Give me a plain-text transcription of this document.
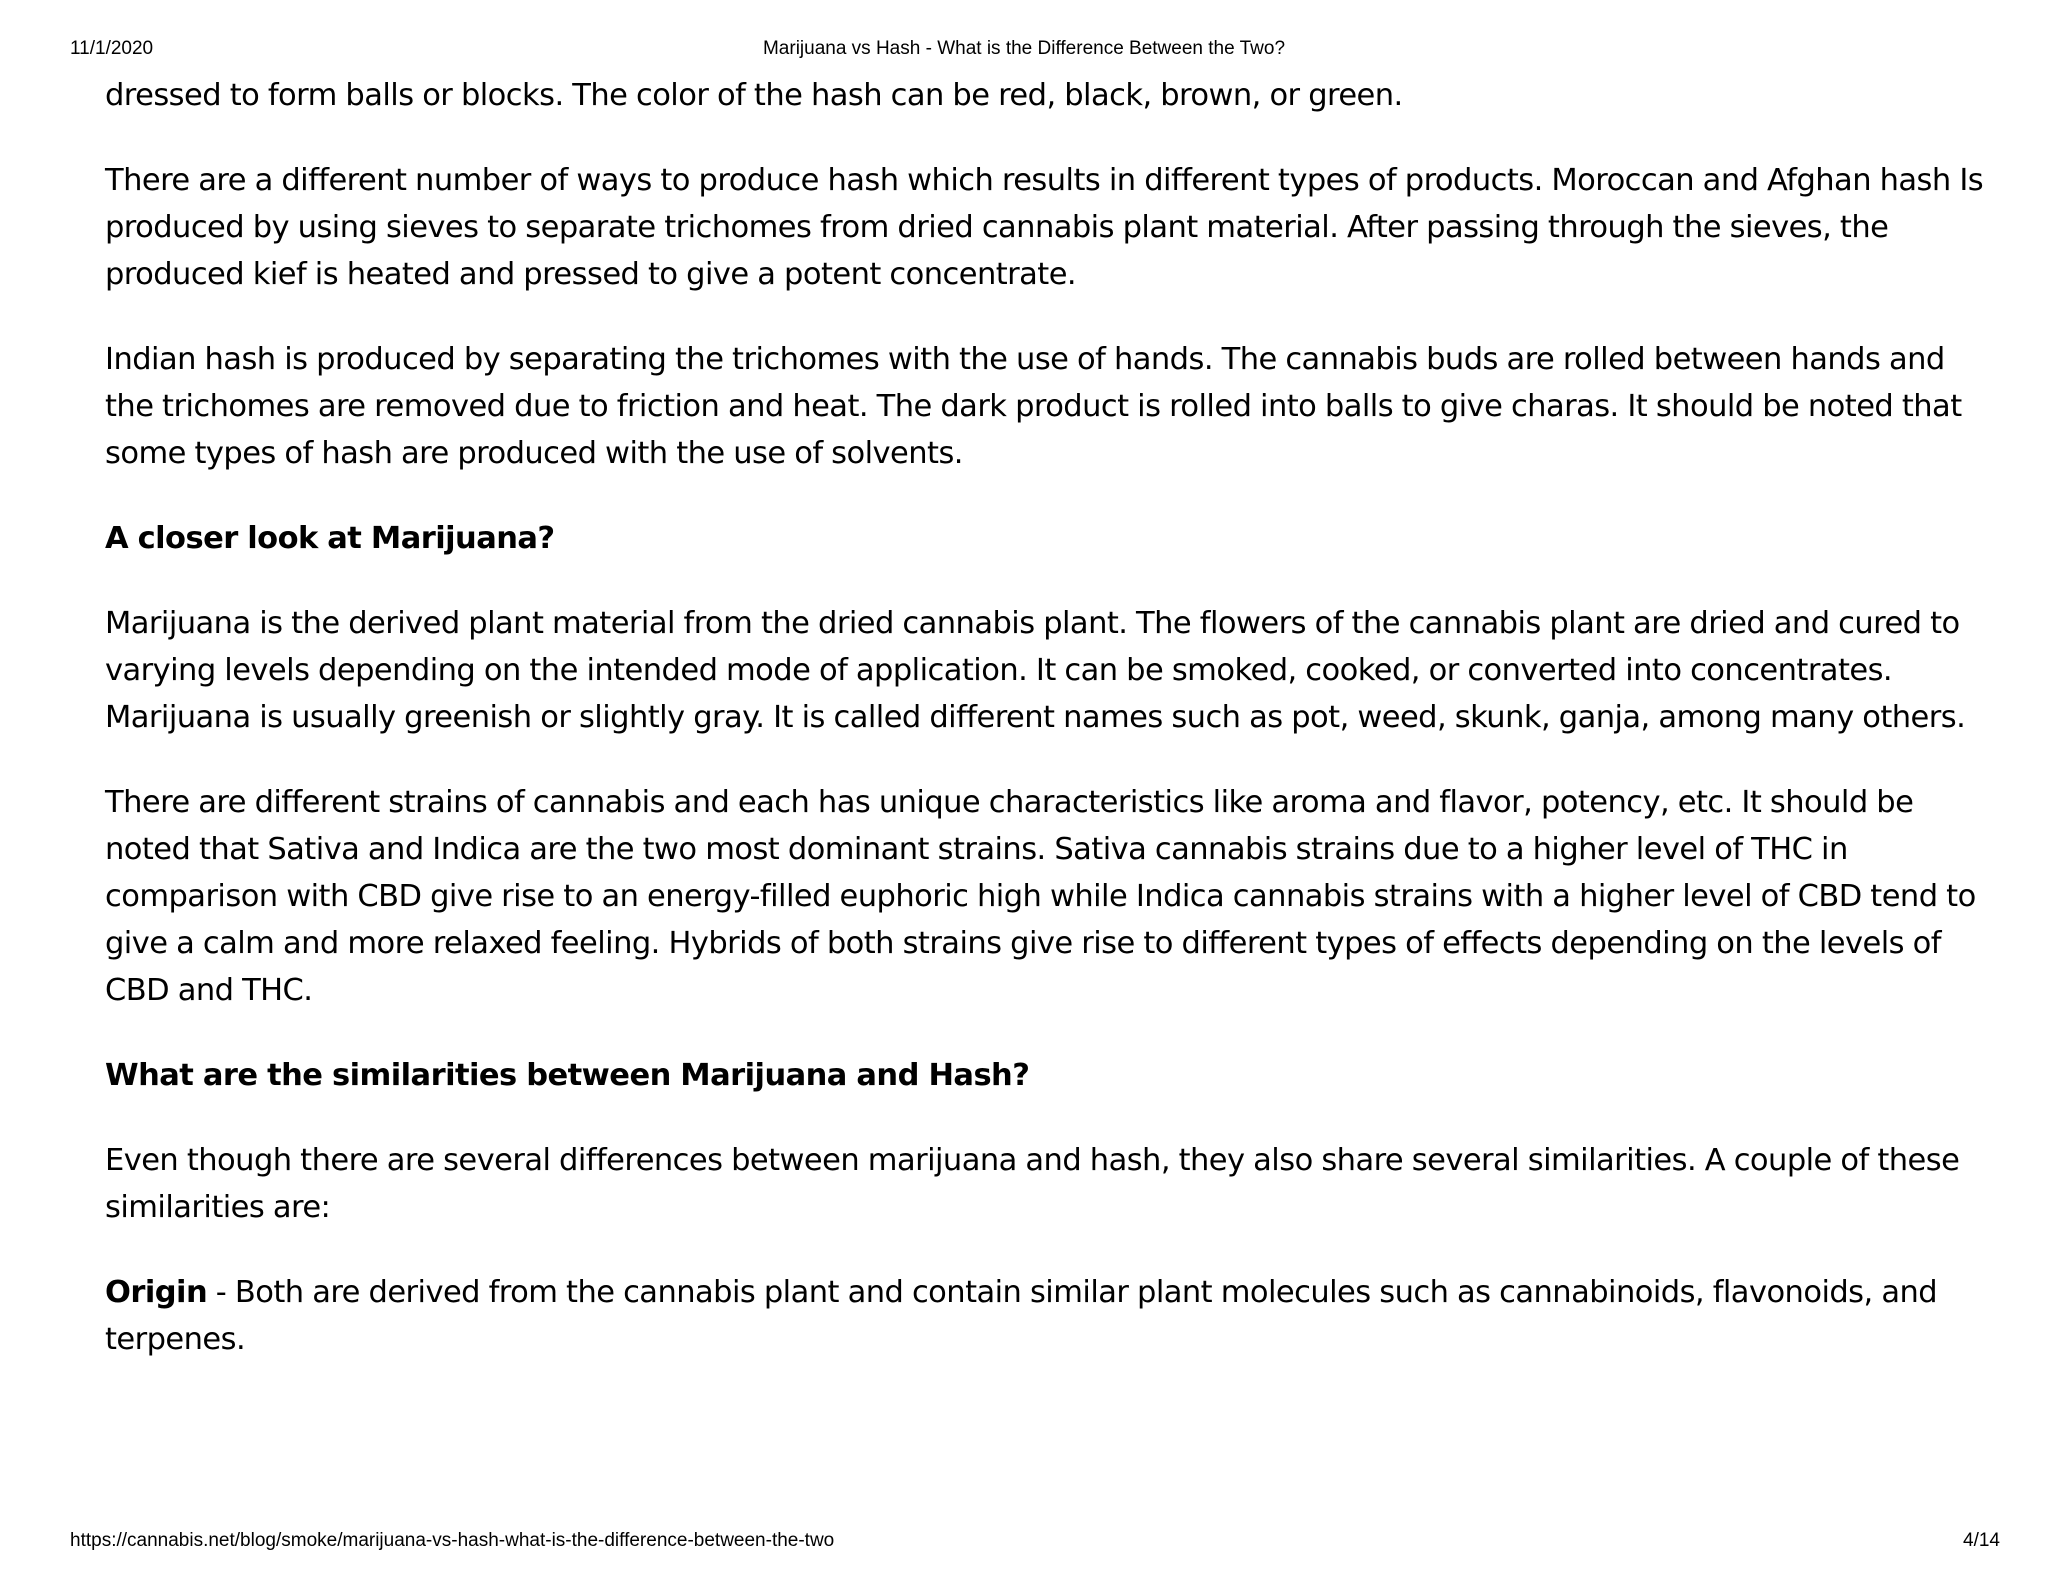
11/1/2020	Marijuana vs Hash - What is the Difference Between the Two?

dressed to form balls or blocks. The color of the hash can be red, black, brown, or green.

There are a different number of ways to produce hash which results in different types of products. Moroccan and Afghan hash Is produced by using sieves to separate trichomes from dried cannabis plant material. After passing through the sieves, the produced kief is heated and pressed to give a potent concentrate.

Indian hash is produced by separating the trichomes with the use of hands. The cannabis buds are rolled between hands and the trichomes are removed due to friction and heat. The dark product is rolled into balls to give charas. It should be noted that some types of hash are produced with the use of solvents.

A closer look at Marijuana?

Marijuana is the derived plant material from the dried cannabis plant. The flowers of the cannabis plant are dried and cured to varying levels depending on the intended mode of application. It can be smoked, cooked, or converted into concentrates. Marijuana is usually greenish or slightly gray. It is called different names such as pot, weed, skunk, ganja, among many others.

There are different strains of cannabis and each has unique characteristics like aroma and flavor, potency, etc. It should be noted that Sativa and Indica are the two most dominant strains. Sativa cannabis strains due to a higher level of THC in comparison with CBD give rise to an energy-filled euphoric high while Indica cannabis strains with a higher level of CBD tend to give a calm and more relaxed feeling. Hybrids of both strains give rise to different types of effects depending on the levels of CBD and THC.

What are the similarities between Marijuana and Hash?

Even though there are several differences between marijuana and hash, they also share several similarities. A couple of these similarities are:

Origin - Both are derived from the cannabis plant and contain similar plant molecules such as cannabinoids, flavonoids, and terpenes.

https://cannabis.net/blog/smoke/marijuana-vs-hash-what-is-the-difference-between-the-two	4/14
